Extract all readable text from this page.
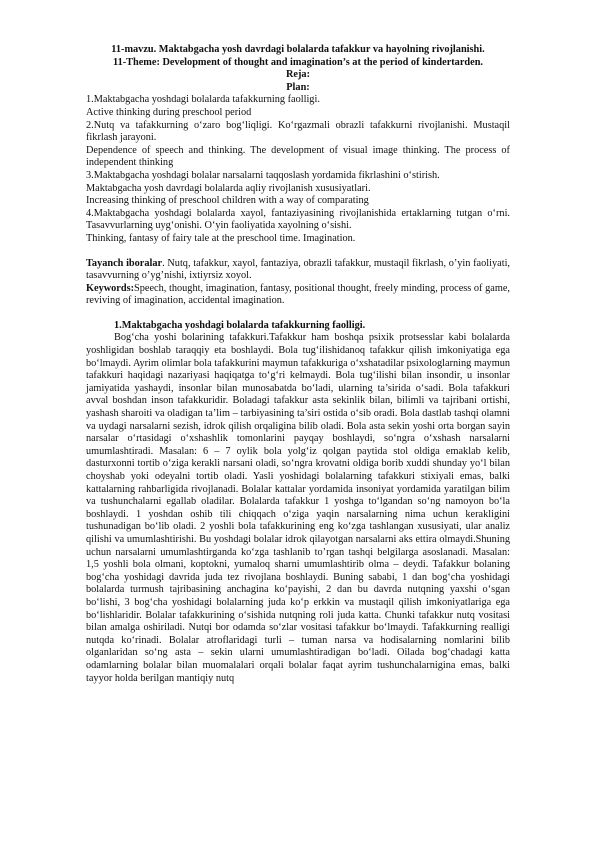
11-mavzu. Maktabgacha yosh davrdagi bolalarda tafakkur va hayolning rivojlanishi.
11-Theme: Development of thought and imagination’s at the period of kindertarden.
Reja:
Plan:
1.Maktabgacha yoshdagi bolalarda tafakkurning faolligi.
Active thinking during preschool period
2.Nutq va tafakkurning o‘zaro bog‘liqligi. Ko‘rgazmali obrazli tafakkurni rivojlanishi. Mustaqil fikrlash jarayoni.
Dependence of speech and thinking. The development of visual image thinking. The process of independent thinking
3.Maktabgacha yoshdagi bolalar narsalarni taqqoslash yordamida fikrlashini o‘stirish.
Maktabgacha yosh davrdagi bolalarda aqliy rivojlanish xususiyatlari.
Increasing thinking of preschool children with a way of comparating
4.Maktabgacha yoshdagi bolalarda xayol, fantaziyasining rivojlanishida ertaklarning tutgan o‘rni. Tasavvurlarning uyg‘onishi. O‘yin faoliyatida xayolning o‘sishi.
Thinking, fantasy of fairy tale at the preschool time. Imagination.

Tayanch iboralar. Nutq, tafakkur, xayol, fantaziya, obrazli tafakkur, mustaqil fikrlash, o’yin faoliyati, tasavvurning o’yg’nishi, ixtiyrsiz xoyol.

Keywords:Speech, thought, imagination, fantasy, positional thought, freely minding, process of game, reviving of imagination, accidental imagination.

1.Maktabgacha yoshdagi bolalarda tafakkurning faolligi.

Bog‘cha yoshi bolarining tafakkuri.Tafakkur ham boshqa psixik protsesslar kabi bolalarda yoshligidan boshlab taraqqiy eta boshlaydi. Bola tug‘ilishidanoq tafakkur qilish imkoniyatiga ega bo‘lmaydi. Ayrim olimlar bola tafakkurini maymun tafakkuriga o‘xshatadilar psixologlarning maymun tafakkuri haqidagi nazariyasi haqiqatga to‘g‘ri kelmaydi. Bola tug‘ilishi bilan insondir, u insonlar jamiyatida yashaydi, insonlar bilan munosabatda bo‘ladi, ularning ta’sirida o‘sadi. Bola tafakkuri avval boshdan inson tafakkuridir. Boladagi tafakkur asta sekinlik bilan, bilimli va tajribani ortishi, yashash sharoiti va oladigan ta’lim – tarbiyasining ta’siri ostida o‘sib oradi. Bola dastlab tashqi olamni va uydagi narsalarni sezish, idrok qilish orqaligina bilib oladi. Bola asta sekin yoshi orta borgan sayin narsalar o‘rtasidagi o‘xshashlik tomonlarini payqay boshlaydi, so‘ngra o‘xshash narsalarni umumlashtiradi. Masalan: 6 – 7 oylik bola yolg‘iz qolgan paytida stol oldiga emaklab kelib, dasturxonni tortib o‘ziga kerakli narsani oladi, so‘ngra krovatni oldiga borib xuddi shunday yo‘l bilan choyshab yoki odeyalni tortib oladi. Yasli yoshidagi bolalarning tafakkuri stixiyali emas, balki kattalarning rahbarligida rivojlanadi. Bolalar kattalar yordamida insoniyat yordamida yaratilgan bilim va tushunchalarni egallab oladilar. Bolalarda tafakkur 1 yoshga to‘lgandan so‘ng namoyon bo‘la boshlaydi. 1 yoshdan oshib tili chiqqach o‘ziga yaqin narsalarning nima uchun kerakligini tushunadigan bo‘lib oladi. 2 yoshli bola tafakkurining eng ko‘zga tashlangan xususiyati, ular analiz qilishi va umumlashtirishi. Bu yoshdagi bolalar idrok qilayotgan narsalarni aks ettira olmaydi.Shuning uchun narsalarni umumlashtirganda ko‘zga tashlanib to’rgan tashqi belgilarga asoslanadi. Masalan: 1,5 yoshli bola olmani, koptokni, yumaloq sharni umumlashtirib olma – deydi. Tafakkur bolaning bog‘cha yoshidagi davrida juda tez rivojlana boshlaydi. Buning sababi, 1 dan bog‘cha yoshidagi bolalarda turmush tajribasining anchagina ko‘payishi, 2 dan bu davrda nutqning yaxshi o‘sgan bo‘lishi, 3 bog‘cha yoshidagi bolalarning juda ko‘p erkkin va mustaqil qilish imkoniyatlariga ega bo‘lishlaridir. Bolalar tafakkurining o‘sishida nutqning roli juda katta. Chunki tafakkur nutq vositasi bilan amalga oshiriladi. Nutqi bor odamda so‘zlar vositasi tafakkur bo‘lmaydi. Tafakkurning realligi nutqda ko‘rinadi. Bolalar atroflaridagi turli – tuman narsa va hodisalarning nomlarini bilib olganlaridan so‘ng asta – sekin ularni umumlashtiradigan bo‘ladi. Oilada bog‘chadagi katta odamlarning bolalar bilan muomalalari orqali bolalar faqat ayrim tushunchalarnigina emas, balki tayyor holda berilgan mantiqiy nutq
